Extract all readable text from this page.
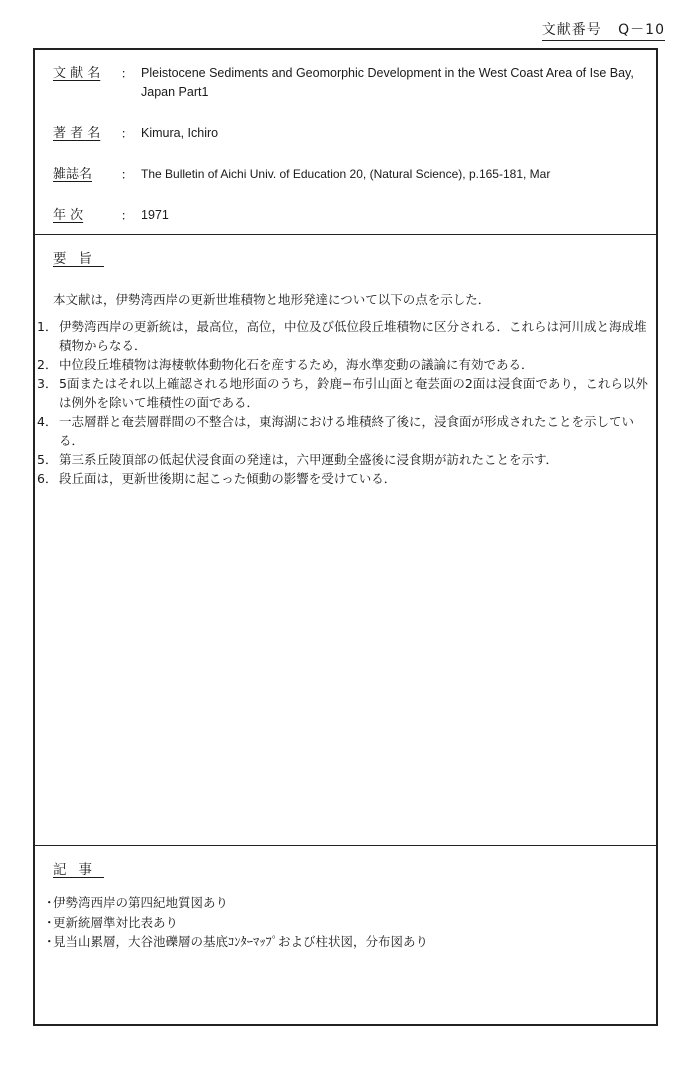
文献番号 Q－10
文 献 名	： Pleistocene Sediments and Geomorphic Development in the West Coast Area of Ise Bay, Japan Part1
著 者 名	： Kimura, Ichiro
雑誌名	： The Bulletin of Aichi Univ. of Education 20, (Natural Science), p.165-181, Mar
年 次	： 1971
要旨
本文献は，伊勢湾西岸の更新世堆積物と地形発達について以下の点を示した．
1． 伊勢湾西岸の更新統は，最高位，高位，中位及び低位段丘堆積物に区分される．これらは河川成と海成堆積物からなる．
2． 中位段丘堆積物は海棲軟体動物化石を産するため，海水準変動の議論に有効である．
3． 5面またはそれ以上確認される地形面のうち，鈴鹿−布引山面と奄芸面の2面は浸食面であり，これら以外は例外を除いて堆積性の面である．
4． 一志層群と奄芸層群間の不整合は，東海湖における堆積終了後に，浸食面が形成されたことを示している．
5． 第三系丘陵頂部の低起伏浸食面の発達は，六甲運動全盛後に浸食期が訪れたことを示す．
6． 段丘面は，更新世後期に起こった傾動の影響を受けている．
記事
・
伊勢湾西岸の第四紀地質図あり
・
更新統層準対比表あり
・
見当山累層，大谷池礫層の基底ｺﾝﾀｰﾏｯﾌﾟおよび柱状図，分布図あり
